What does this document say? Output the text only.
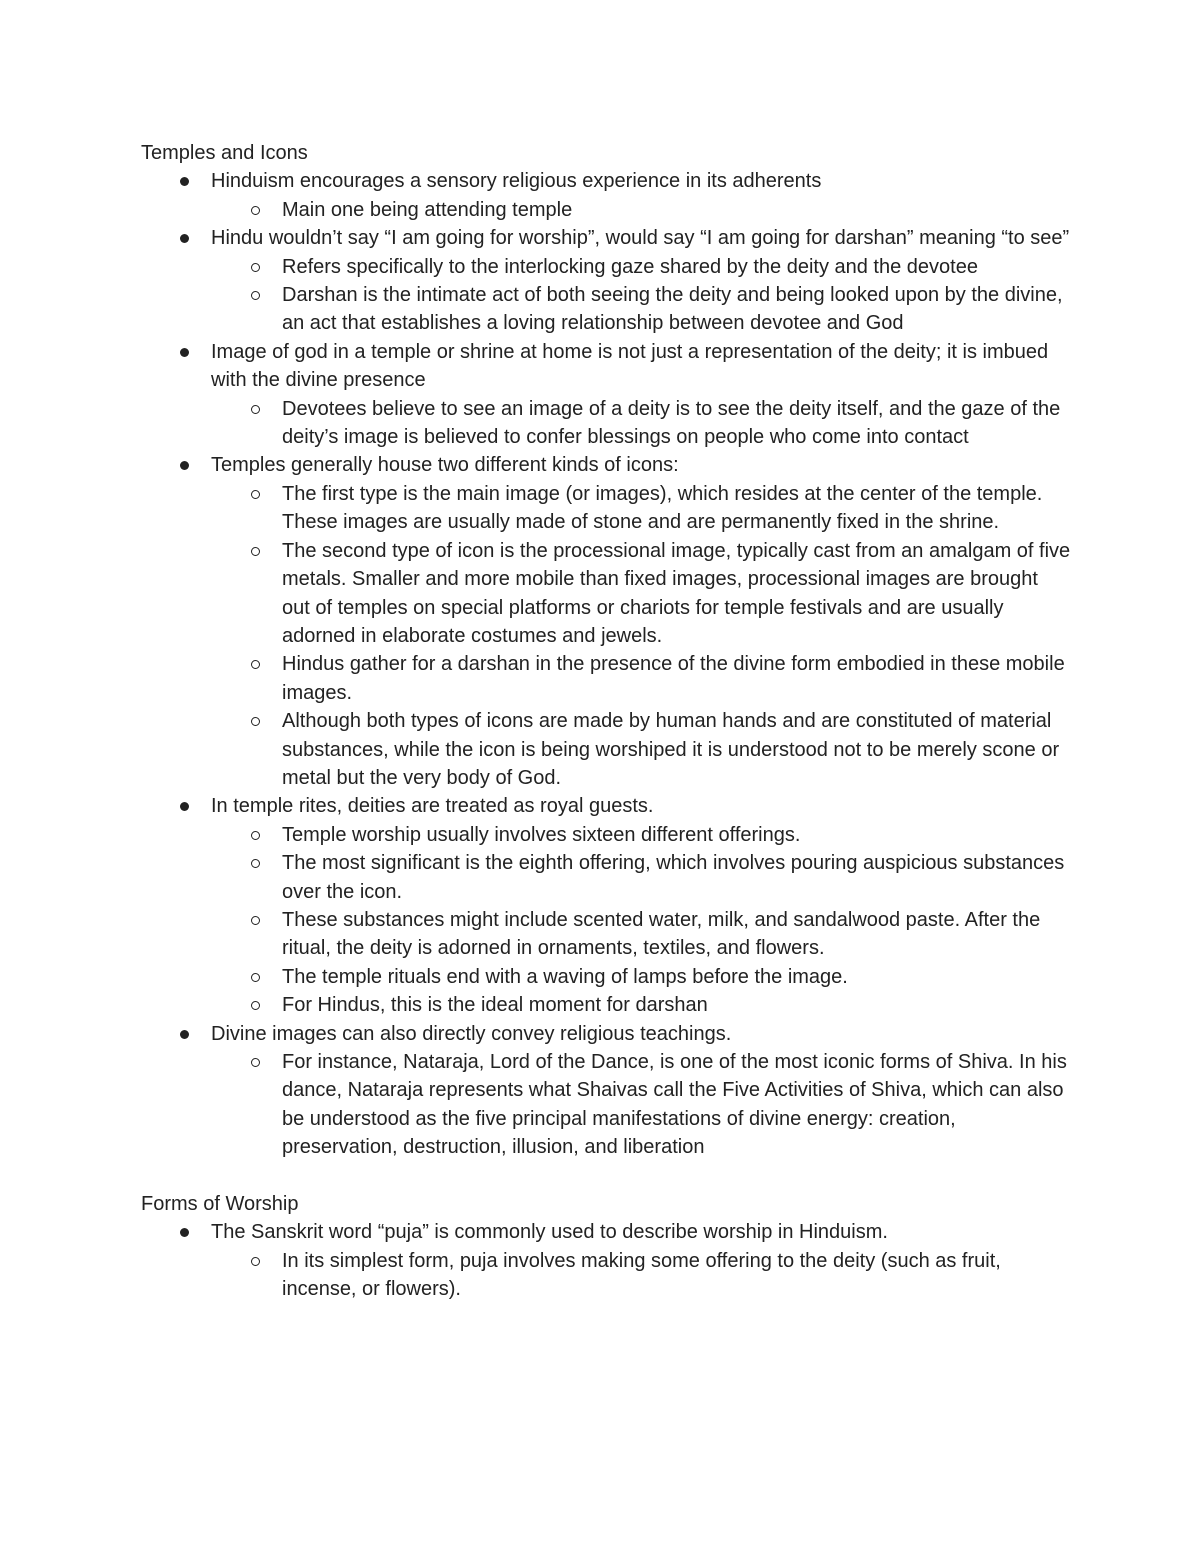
Temples and Icons
Hinduism encourages a sensory religious experience in its adherents
Main one being attending temple
Hindu wouldn’t say “I am going for worship”, would say “I am going for darshan” meaning “to see”
Refers specifically to the interlocking gaze shared by the deity and the devotee
Darshan is the intimate act of both seeing the deity and being looked upon by the divine, an act that establishes a loving relationship between devotee and God
Image of god in a temple or shrine at home is not just a representation of the deity; it is imbued with the divine presence
Devotees believe to see an image of a deity is to see the deity itself, and the gaze of the deity’s image is believed to confer blessings on people who come into contact
Temples generally house two different kinds of icons:
The first type is the main image (or images), which resides at the center of the temple. These images are usually made of stone and are permanently fixed in the shrine.
The second type of icon is the processional image, typically cast from an amalgam of five metals. Smaller and more mobile than fixed images, processional images are brought out of temples on special platforms or chariots for temple festivals and are usually adorned in elaborate costumes and jewels.
Hindus gather for a darshan in the presence of the divine form embodied in these mobile images.
Although both types of icons are made by human hands and are constituted of material substances, while the icon is being worshiped it is understood not to be merely scone or metal but the very body of God.
In temple rites, deities are treated as royal guests.
Temple worship usually involves sixteen different offerings.
The most significant is the eighth offering, which involves pouring auspicious substances over the icon.
These substances might include scented water, milk, and sandalwood paste. After the ritual, the deity is adorned in ornaments, textiles, and flowers.
The temple rituals end with a waving of lamps before the image.
For Hindus, this is the ideal moment for darshan
Divine images can also directly convey religious teachings.
For instance, Nataraja, Lord of the Dance, is one of the most iconic forms of Shiva. In his dance, Nataraja represents what Shaivas call the Five Activities of Shiva, which can also be understood as the five principal manifestations of divine energy: creation, preservation, destruction, illusion, and liberation
Forms of Worship
The Sanskrit word “puja” is commonly used to describe worship in Hinduism.
In its simplest form, puja involves making some offering to the deity (such as fruit, incense, or flowers).
